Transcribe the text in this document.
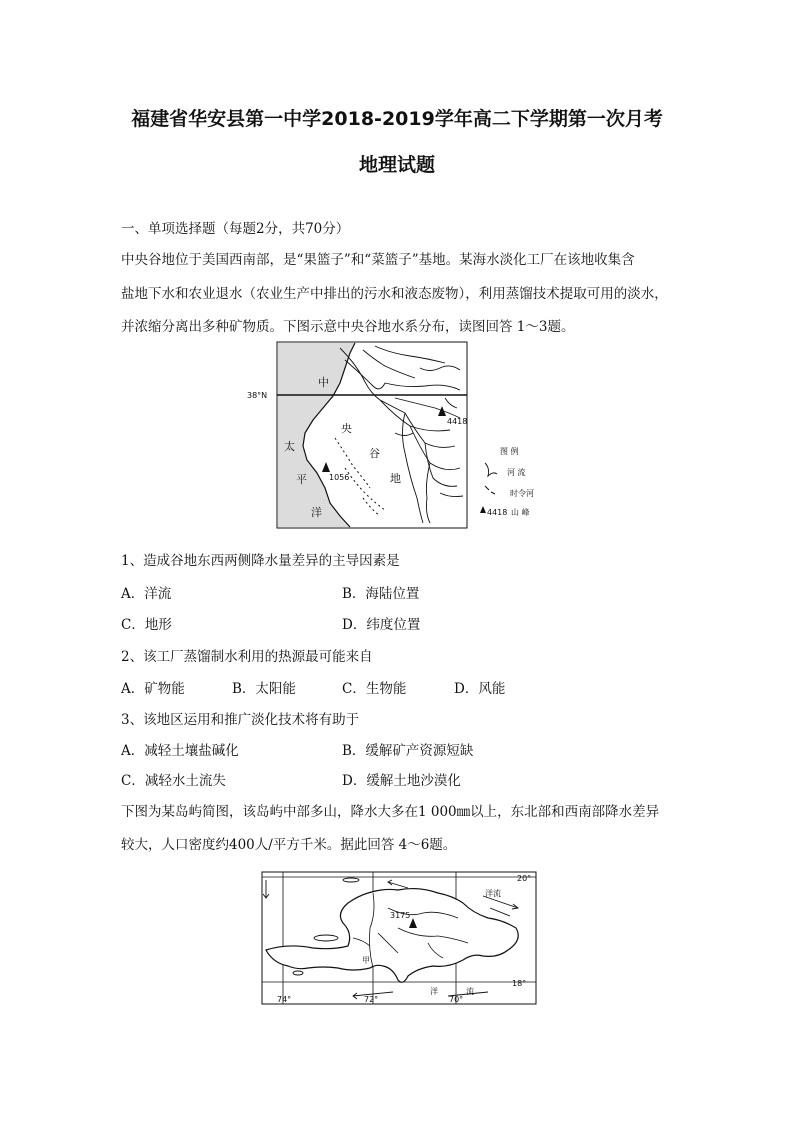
福建省华安县第一中学2018-2019学年高二下学期第一次月考
地理试题
一、单项选择题（每题2分，共70分）
中央谷地位于美国西南部，是“果篮子”和“菜篮子”基地。某海水淡化工厂在该地收集含
盐地下水和农业退水（农业生产中排出的污水和液态废物），利用蒸馏技术提取可用的淡水，
并浓缩分离出多种矿物质。下图示意中央谷地水系分布，读图回答 1～3题。
38°N
中
央
谷
地
太
平
洋
4418
1056
图 例
河 流
时令河
4418 山 峰
1、造成谷地东西两侧降水量差异的主导因素是
A．洋流	B．海陆位置
C．地形	D．纬度位置
2、该工厂蒸馏制水利用的热源最可能来自
A．矿物能	B．太阳能	C．生物能	D．风能
3、该地区运用和推广淡化技术将有助于
A．减轻土壤盐碱化	B．缓解矿产资源短缺
C．减轻水土流失	D．缓解土地沙漠化
下图为某岛屿简图，该岛屿中部多山，降水大多在1 000㎜以上，东北部和西南部降水差异
较大，人口密度约400人/平方千米。据此回答 4～6题。
20°
18°
74°	72°	70°
3175
甲
洋流
洋	流
